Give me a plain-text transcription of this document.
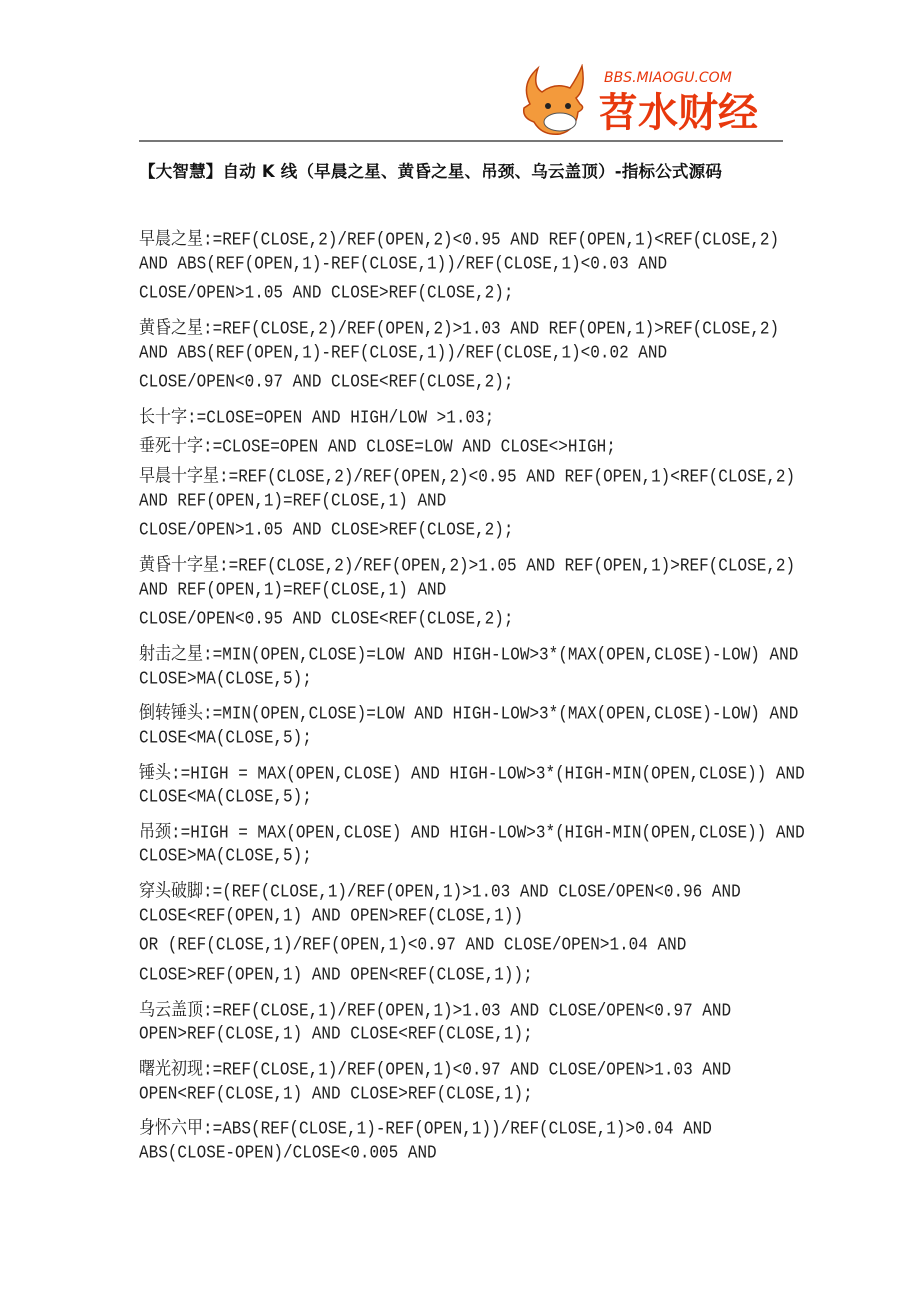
BBS.MIAOGU.COM
苕水财经
【大智慧】自动 K 线（早晨之星、黄昏之星、吊颈、乌云盖顶）-指标公式源码
早晨之星:=REF(CLOSE,2)/REF(OPEN,2)<0.95 AND REF(OPEN,1)<REF(CLOSE,2)
AND ABS(REF(OPEN,1)-REF(CLOSE,1))/REF(CLOSE,1)<0.03 AND
CLOSE/OPEN>1.05 AND CLOSE>REF(CLOSE,2);
黄昏之星:=REF(CLOSE,2)/REF(OPEN,2)>1.03 AND REF(OPEN,1)>REF(CLOSE,2)
AND ABS(REF(OPEN,1)-REF(CLOSE,1))/REF(CLOSE,1)<0.02 AND
CLOSE/OPEN<0.97 AND CLOSE<REF(CLOSE,2);
长十字:=CLOSE=OPEN AND HIGH/LOW >1.03;
垂死十字:=CLOSE=OPEN AND CLOSE=LOW AND CLOSE<>HIGH;
早晨十字星:=REF(CLOSE,2)/REF(OPEN,2)<0.95 AND REF(OPEN,1)<REF(CLOSE,2)
AND REF(OPEN,1)=REF(CLOSE,1) AND
CLOSE/OPEN>1.05 AND CLOSE>REF(CLOSE,2);
黄昏十字星:=REF(CLOSE,2)/REF(OPEN,2)>1.05 AND REF(OPEN,1)>REF(CLOSE,2)
AND REF(OPEN,1)=REF(CLOSE,1) AND
CLOSE/OPEN<0.95 AND CLOSE<REF(CLOSE,2);
射击之星:=MIN(OPEN,CLOSE)=LOW AND HIGH-LOW>3*(MAX(OPEN,CLOSE)-LOW) AND
CLOSE>MA(CLOSE,5);
倒转锤头:=MIN(OPEN,CLOSE)=LOW AND HIGH-LOW>3*(MAX(OPEN,CLOSE)-LOW) AND
CLOSE<MA(CLOSE,5);
锤头:=HIGH = MAX(OPEN,CLOSE) AND HIGH-LOW>3*(HIGH-MIN(OPEN,CLOSE)) AND
CLOSE<MA(CLOSE,5);
吊颈:=HIGH = MAX(OPEN,CLOSE) AND HIGH-LOW>3*(HIGH-MIN(OPEN,CLOSE)) AND
CLOSE>MA(CLOSE,5);
穿头破脚:=(REF(CLOSE,1)/REF(OPEN,1)>1.03 AND CLOSE/OPEN<0.96 AND
CLOSE<REF(OPEN,1) AND OPEN>REF(CLOSE,1))
OR (REF(CLOSE,1)/REF(OPEN,1)<0.97 AND CLOSE/OPEN>1.04 AND
CLOSE>REF(OPEN,1) AND OPEN<REF(CLOSE,1));
乌云盖顶:=REF(CLOSE,1)/REF(OPEN,1)>1.03 AND CLOSE/OPEN<0.97 AND
OPEN>REF(CLOSE,1) AND CLOSE<REF(CLOSE,1);
曙光初现:=REF(CLOSE,1)/REF(OPEN,1)<0.97 AND CLOSE/OPEN>1.03 AND
OPEN<REF(CLOSE,1) AND CLOSE>REF(CLOSE,1);
身怀六甲:=ABS(REF(CLOSE,1)-REF(OPEN,1))/REF(CLOSE,1)>0.04 AND
ABS(CLOSE-OPEN)/CLOSE<0.005 AND
